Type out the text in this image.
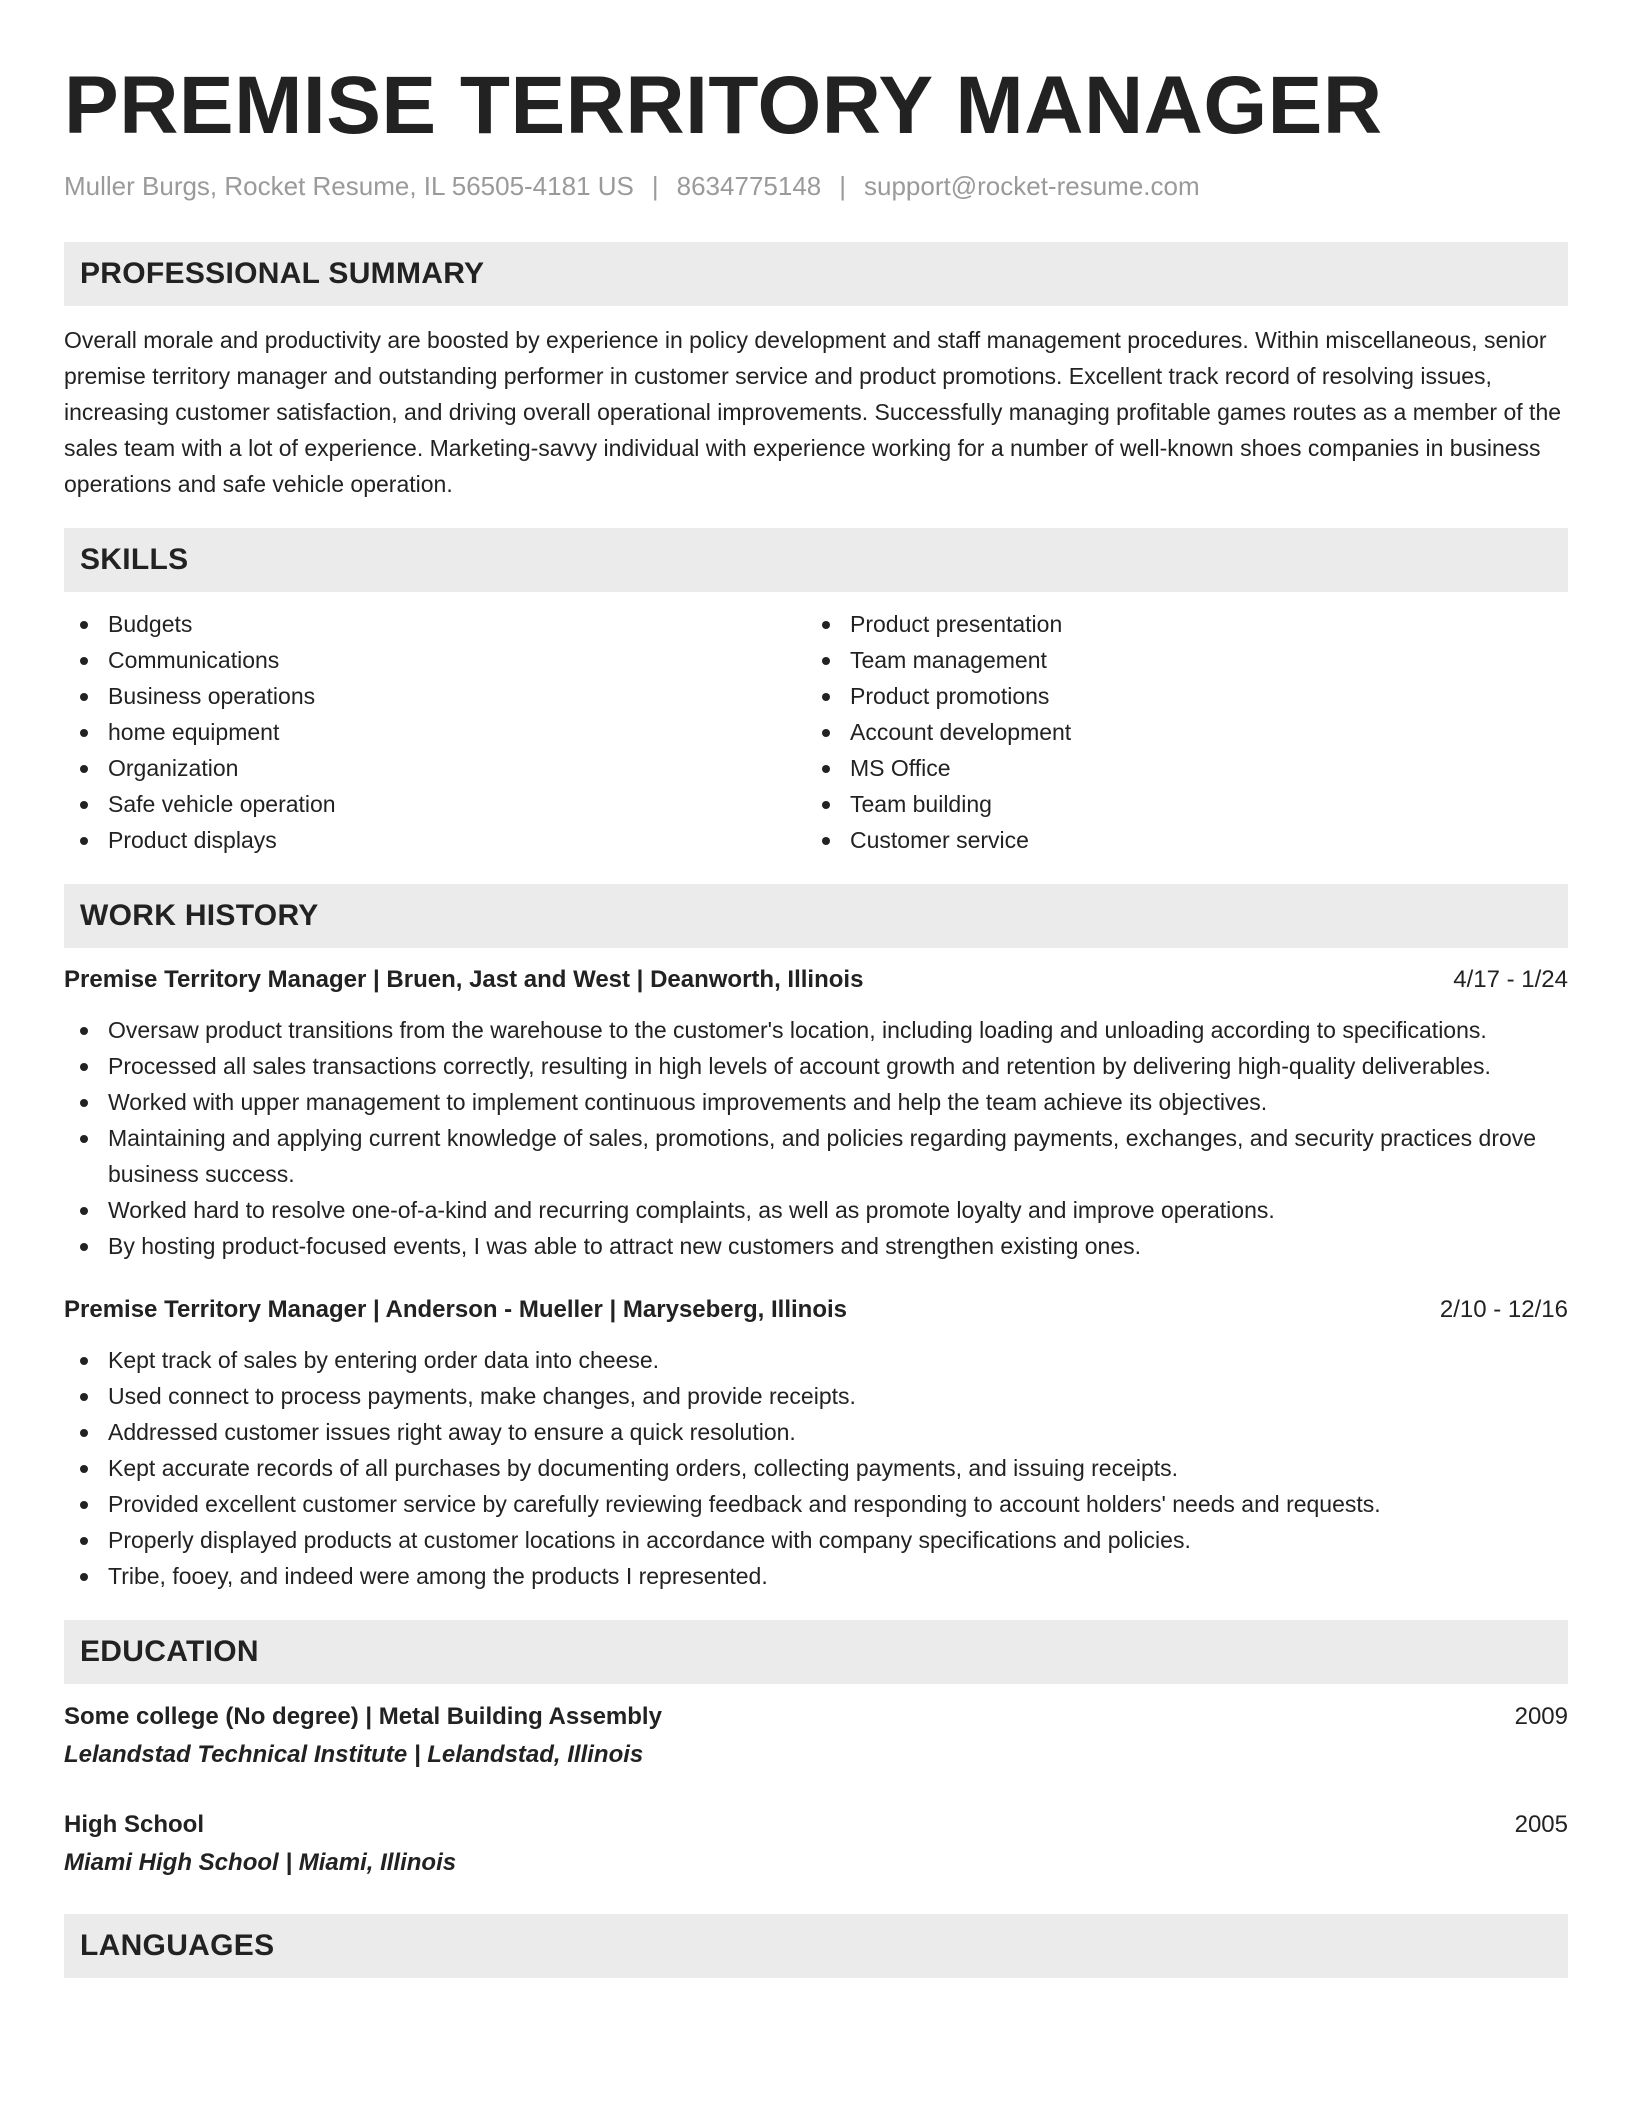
PREMISE TERRITORY MANAGER
Muller Burgs, Rocket Resume, IL 56505-4181 US | 8634775148 | support@rocket-resume.com
PROFESSIONAL SUMMARY

Overall morale and productivity are boosted by experience in policy development and staff management procedures. Within miscellaneous, senior premise territory manager and outstanding performer in customer service and product promotions. Excellent track record of resolving issues, increasing customer satisfaction, and driving overall operational improvements. Successfully managing profitable games routes as a member of the sales team with a lot of experience. Marketing-savvy individual with experience working for a number of well-known shoes companies in business operations and safe vehicle operation.

SKILLS
Budgets
Communications
Business operations
home equipment
Organization
Safe vehicle operation
Product displays
Product presentation
Team management
Product promotions
Account development
MS Office
Team building
Customer service
WORK HISTORY
Premise Territory Manager | Bruen, Jast and West | Deanworth, Illinois	4/17 - 1/24
Oversaw product transitions from the warehouse to the customer's location, including loading and unloading according to specifications.
Processed all sales transactions correctly, resulting in high levels of account growth and retention by delivering high-quality deliverables.
Worked with upper management to implement continuous improvements and help the team achieve its objectives.
Maintaining and applying current knowledge of sales, promotions, and policies regarding payments, exchanges, and security practices drove business success.
Worked hard to resolve one-of-a-kind and recurring complaints, as well as promote loyalty and improve operations.
By hosting product-focused events, I was able to attract new customers and strengthen existing ones.
Premise Territory Manager | Anderson - Mueller | Maryseberg, Illinois	2/10 - 12/16
Kept track of sales by entering order data into cheese.
Used connect to process payments, make changes, and provide receipts.
Addressed customer issues right away to ensure a quick resolution.
Kept accurate records of all purchases by documenting orders, collecting payments, and issuing receipts.
Provided excellent customer service by carefully reviewing feedback and responding to account holders' needs and requests.
Properly displayed products at customer locations in accordance with company specifications and policies.
Tribe, fooey, and indeed were among the products I represented.
EDUCATION
Some college (No degree) | Metal Building Assembly	2009
Lelandstad Technical Institute | Lelandstad, Illinois
High School	2005
Miami High School | Miami, Illinois
LANGUAGES
